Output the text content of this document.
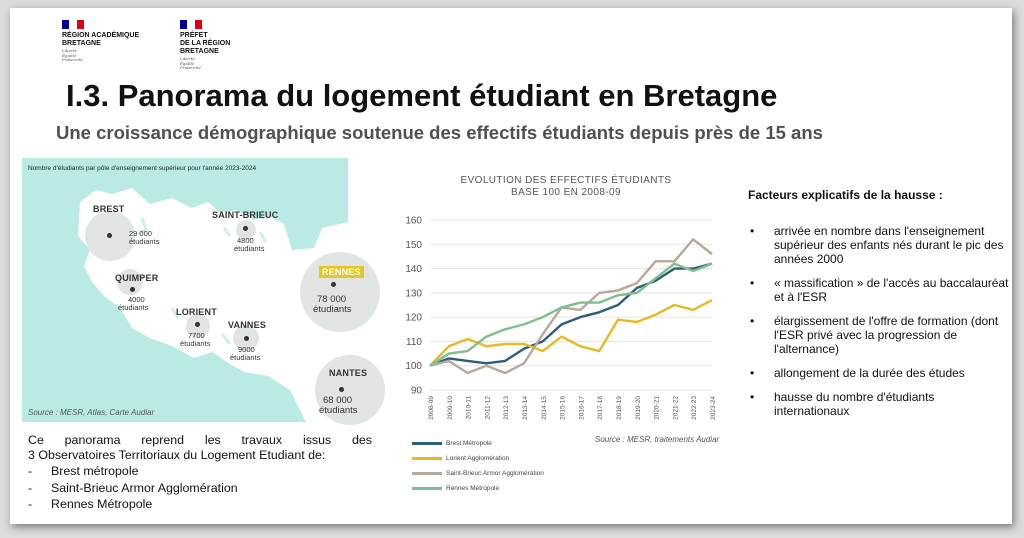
RÉGION ACADÉMIQUE
BRETAGNE
Liberté
Égalité
Fraternité
PRÉFET
DE LA RÉGION
BRETAGNE
Liberté
Égalité
Fraternité
I.3. Panorama du logement étudiant en Bretagne
Une croissance démographique soutenue des effectifs étudiants depuis près de 15 ans
Nombre d'étudiants par pôle d'enseignement supérieur pour l'année 2023-2024
BREST
29 000
étudiants
SAINT-BRIEUC
4800
étudiants
QUIMPER
4000
étudiants	LORIENT
7700
étudiants
VANNES
9000
étudiants
RENNES
78 000
étudiants
NANTES
68 000
étudiants
Source : MESR, Atlas, Carte Audiar

Ce panorama reprend les travaux issus des

3 Observatoires Territoriaux du Logement Etudiant de:

- Brest métropole
- Saint-Brieuc Armor Agglomération
- Rennes Métropole
EVOLUTION DES EFFECTIFS ÉTUDIANTS
BASE 100 EN 2008-09
90
100
110
120
130
140
150
160
2008-09 2009-10 2010-11 2011-12 2012-13 2013-14 2014-15 2015-16 2016-17 2017-18 2018-19 2019-20 2020-21 2021-22 2022-23 2023-24
Brest Métropole
Lorient Agglomération
Saint-Brieuc Armor Agglomération
Rennes Métropole
Source : MESR, traitements Audiar
Facteurs explicatifs de la hausse :
• arrivée en nombre dans l'enseignement supérieur des enfants nés durant le pic des années 2000
• « massification » de l'accès au baccalauréat et à l'ESR
• élargissement de l'offre de formation (dont l'ESR privé avec la progression de l'alternance)
• allongement de la durée des études
• hausse du nombre d'étudiants internationaux
